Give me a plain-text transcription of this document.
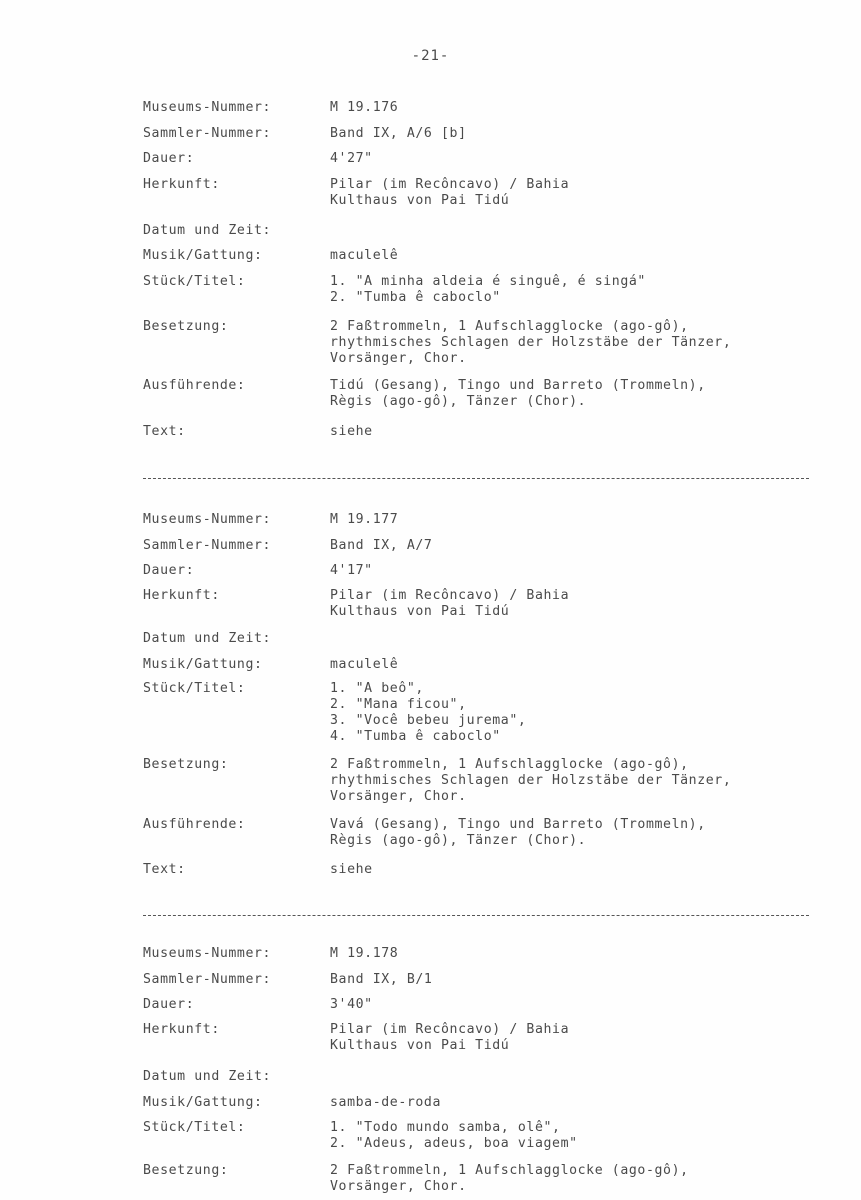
-21-
Museums-Nummer:	M 19.176
Sammler-Nummer:	Band IX, A/6 [b]
Dauer:	4'27"
Herkunft:	Pilar (im Recôncavo) / Bahia
Kulthaus von Pai Tidú
Datum und Zeit:
Musik/Gattung:	maculelê
Stück/Titel:	1. "A minha aldeia é singuê, é singá"
2. "Tumba ê caboclo"
Besetzung:	2 Faßtrommeln, 1 Aufschlagglocke (ago-gô),
rhythmisches Schlagen der Holzstäbe der Tänzer,
Vorsänger, Chor.
Ausführende:	Tidú (Gesang), Tingo und Barreto (Trommeln),
Règis (ago-gô), Tänzer (Chor).
Text:	siehe
Museums-Nummer:	M 19.177
Sammler-Nummer:	Band IX, A/7
Dauer:	4'17"
Herkunft:	Pilar (im Recôncavo) / Bahia
Kulthaus von Pai Tidú
Datum und Zeit:
Musik/Gattung:	maculelê
Stück/Titel:	1. "A beô",
2. "Mana ficou",
3. "Você bebeu jurema",
4. "Tumba ê caboclo"
Besetzung:	2 Faßtrommeln, 1 Aufschlagglocke (ago-gô),
rhythmisches Schlagen der Holzstäbe der Tänzer,
Vorsänger, Chor.
Ausführende:	Vavá (Gesang), Tingo und Barreto (Trommeln),
Règis (ago-gô), Tänzer (Chor).
Text:	siehe
Museums-Nummer:	M 19.178
Sammler-Nummer:	Band IX, B/1
Dauer:	3'40"
Herkunft:	Pilar (im Recôncavo) / Bahia
Kulthaus von Pai Tidú
Datum und Zeit:
Musik/Gattung:	samba-de-roda
Stück/Titel:	1. "Todo mundo samba, olê",
2. "Adeus, adeus, boa viagem"
Besetzung:	2 Faßtrommeln, 1 Aufschlagglocke (ago-gô),
Vorsänger, Chor.
